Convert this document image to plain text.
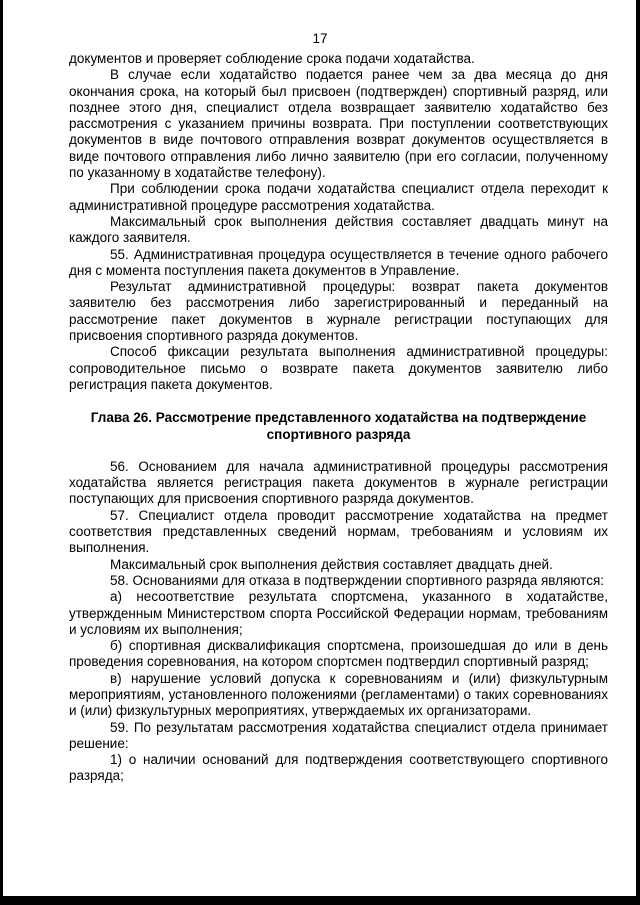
17

документов и проверяет соблюдение срока подачи ходатайства.

В случае если ходатайство подается ранее чем за два месяца до дня окончания срока, на который был присвоен (подтвержден) спортивный разряд, или позднее этого дня, специалист отдела возвращает заявителю ходатайство без рассмотрения с указанием причины возврата. При поступлении соответствующих документов в виде почтового отправления возврат документов осуществляется в виде почтового отправления либо лично заявителю (при его согласии, полученному по указанному в ходатайстве телефону).

При соблюдении срока подачи ходатайства специалист отдела переходит к административной процедуре рассмотрения ходатайства.

Максимальный срок выполнения действия составляет двадцать минут на каждого заявителя.

55. Административная процедура осуществляется в течение одного рабочего дня с момента поступления пакета документов в Управление.

Результат административной процедуры: возврат пакета документов заявителю без рассмотрения либо зарегистрированный и переданный на рассмотрение пакет документов в журнале регистрации поступающих для присвоения спортивного разряда документов.

Способ фиксации результата выполнения административной процедуры: сопроводительное письмо о возврате пакета документов заявителю либо регистрация пакета документов.

Глава 26. Рассмотрение представленного ходатайства на подтверждение спортивного разряда

56. Основанием для начала административной процедуры рассмотрения ходатайства является регистрация пакета документов в журнале регистрации поступающих для присвоения спортивного разряда документов.

57. Специалист отдела проводит рассмотрение ходатайства на предмет соответствия представленных сведений нормам, требованиям и условиям их выполнения.

Максимальный срок выполнения действия составляет двадцать дней.

58. Основаниями для отказа в подтверждении спортивного разряда являются:

а) несоответствие результата спортсмена, указанного в ходатайстве, утвержденным Министерством спорта Российской Федерации нормам, требованиям и условиям их выполнения;

б) спортивная дисквалификация спортсмена, произошедшая до или в день проведения соревнования, на котором спортсмен подтвердил спортивный разряд;

в) нарушение условий допуска к соревнованиям и (или) физкультурным мероприятиям, установленного положениями (регламентами) о таких соревнованиях и (или) физкультурных мероприятиях, утверждаемых их организаторами.

59. По результатам рассмотрения ходатайства специалист отдела принимает решение:

1) о наличии оснований для подтверждения соответствующего спортивного разряда;
